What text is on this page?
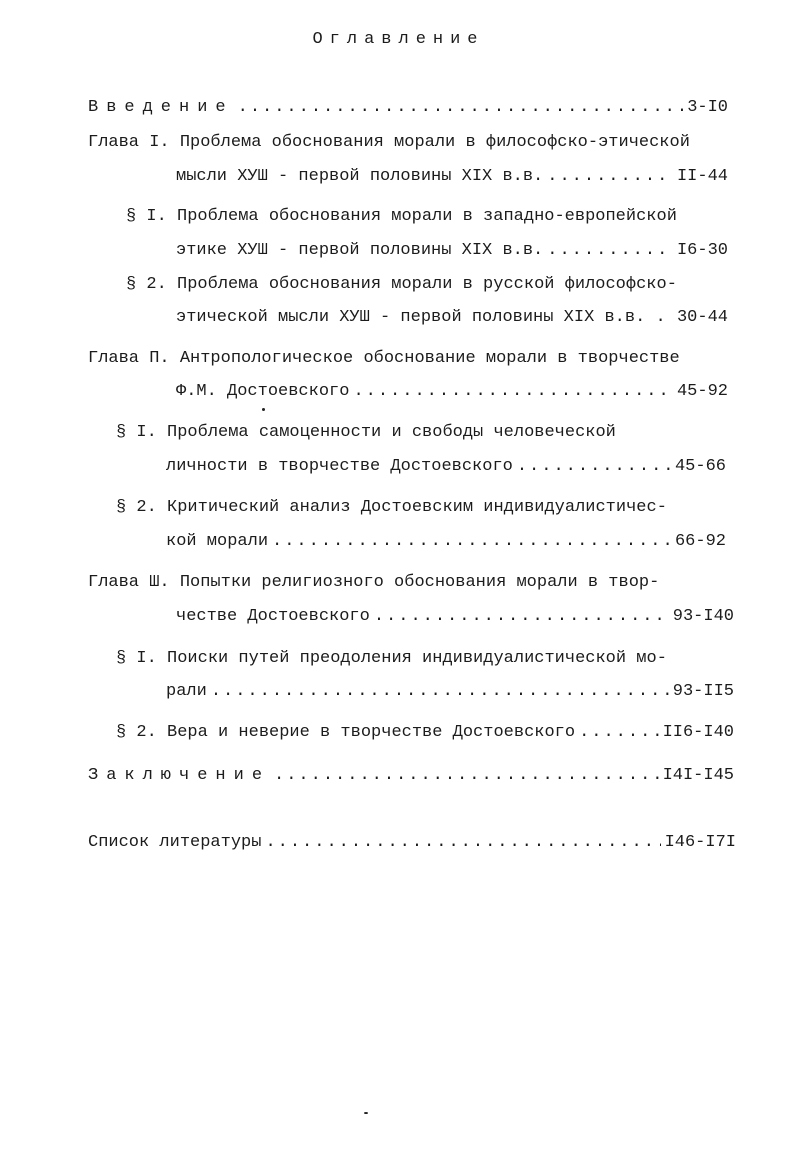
Оглавление
Введение .....	3-I0
Глава I. Проблема обоснования морали в философско-этической
мысли ХУШ - первой половины XIX в.в. .....	II-44
§ I. Проблема обоснования морали в западно-европейской
этике ХУШ - первой половины XIX в.в. .....	I6-30
§ 2. Проблема обоснования морали в русской философско-
этической мысли ХУШ - первой половины XIX в.в. . 30-44
Глава П. Антропологическое обоснование морали в творчестве
Ф.М. Достоевского .....	45-92
§ I. Проблема самоценности и свободы человеческой
личности в творчестве Достоевского .....	45-66
§ 2. Критический анализ Достоевским индивидуалистичес-
кой морали .....	66-92
Глава Ш. Попытки религиозного обоснования морали в твор-
честве Достоевского .....	93-I40
§ I. Поиски путей преодоления индивидуалистической мо-
рали .....	93-II5
§ 2. Вера и неверие в творчестве Достоевского .....	II6-I40
Заключение .....	I4I-I45
Список литературы .....	I46-I7I
